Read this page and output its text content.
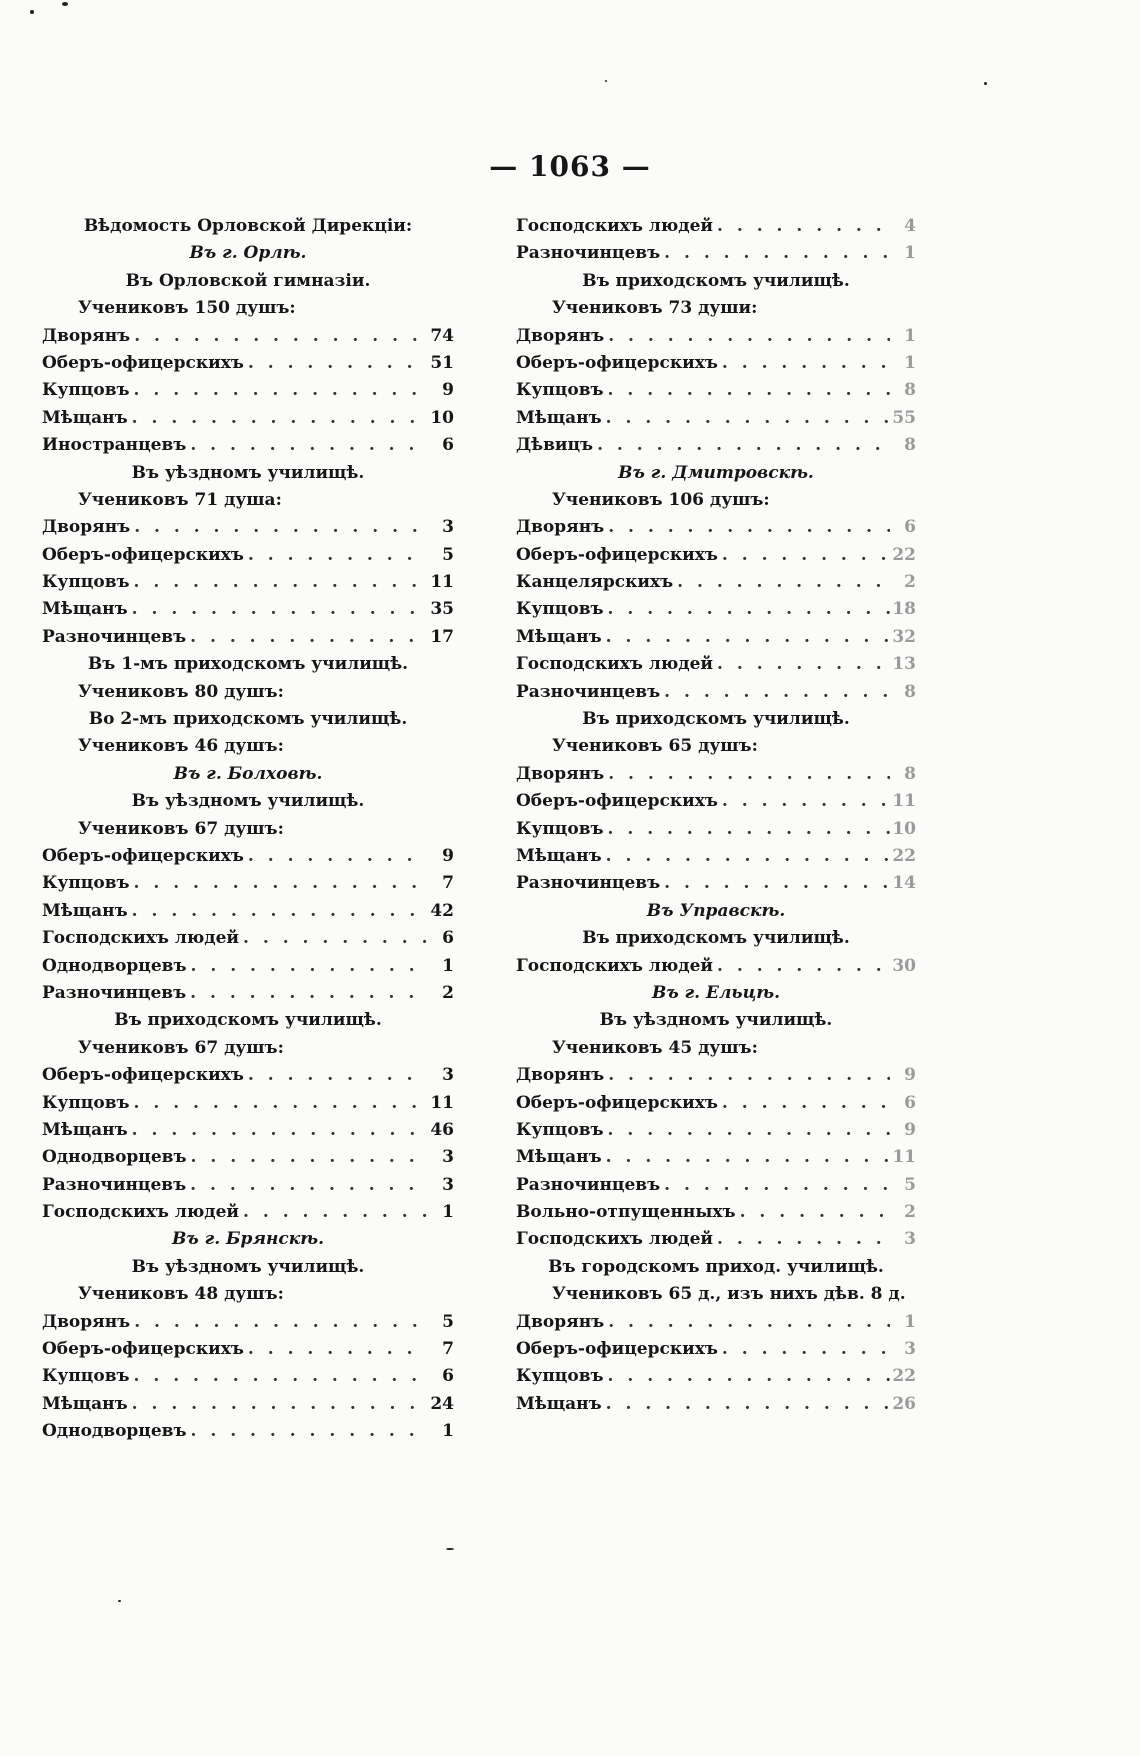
— 1063 —
Вѣдомость Орловской Дирекціи:
Въ г. Орлѣ.
Въ Орловской гимназіи.
Учениковъ 150 душъ:
Дворянъ . . .	74
Оберъ-офицерскихъ . . .	51
Купцовъ . . .	9
Мѣщанъ . . .	10
Иностранцевъ . . .	6
Въ уѣздномъ училищѣ.
Учениковъ 71 душа:
Дворянъ . . .	3
Оберъ-офицерскихъ . . .	5
Купцовъ . . .	11
Мѣщанъ . . .	35
Разночинцевъ . . .	17
Въ 1-мъ приходскомъ училищѣ.
Учениковъ 80 душъ:
Во 2-мъ приходскомъ училищѣ.
Учениковъ 46 душъ:
Въ г. Болховѣ.
Въ уѣздномъ училищѣ.
Учениковъ 67 душъ:
Оберъ-офицерскихъ . . .	9
Купцовъ . . .	7
Мѣщанъ . . .	42
Господскихъ людей . . .	6
Однодворцевъ . . .	1
Разночинцевъ . . .	2
Въ приходскомъ училищѣ.
Учениковъ 67 душъ:
Оберъ-офицерскихъ . . .	3
Купцовъ . . .	11
Мѣщанъ . . .	46
Однодворцевъ . . .	3
Разночинцевъ . . .	3
Господскихъ людей . . .	1
Въ г. Брянскѣ.
Въ уѣздномъ училищѣ.
Учениковъ 48 душъ:
Дворянъ . . .	5
Оберъ-офицерскихъ . . .	7
Купцовъ . . .	6
Мѣщанъ . . .	24
Однодворцевъ . . .	1
Господскихъ людей . . .	4
Разночинцевъ . . .	1
Въ приходскомъ училищѣ.
Учениковъ 73 души:
Дворянъ . . .	1
Оберъ-офицерскихъ . . .	1
Купцовъ . . .	8
Мѣщанъ . . .	55
Дѣвицъ . . .	8
Въ г. Дмитровскѣ.
Учениковъ 106 душъ:
Дворянъ . . .	6
Оберъ-офицерскихъ . . .	22
Канцелярскихъ . . .	2
Купцовъ . . .	18
Мѣщанъ . . .	32
Господскихъ людей . . .	13
Разночинцевъ . . .	8
Въ приходскомъ училищѣ.
Учениковъ 65 душъ:
Дворянъ . . .	8
Оберъ-офицерскихъ . . .	11
Купцовъ . . .	10
Мѣщанъ . . .	22
Разночинцевъ . . .	14
Въ Упрaвскѣ.
Въ приходскомъ училищѣ.
Господскихъ людей . . .	30
Въ г. Ельцѣ.
Въ уѣздномъ училищѣ.
Учениковъ 45 душъ:
Дворянъ . . .	9
Оберъ-офицерскихъ . . .	6
Купцовъ . . .	9
Мѣщанъ . . .	11
Разночинцевъ . . .	5
Вольно-отпущенныхъ . . .	2
Господскихъ людей . . .	3
Въ городскомъ приход. училищѣ.
Учениковъ 65 д., изъ нихъ дѣв. 8 д.
Дворянъ . . .	1
Оберъ-офицерскихъ . . .	3
Купцовъ . . .	22
Мѣщанъ . . .	26
